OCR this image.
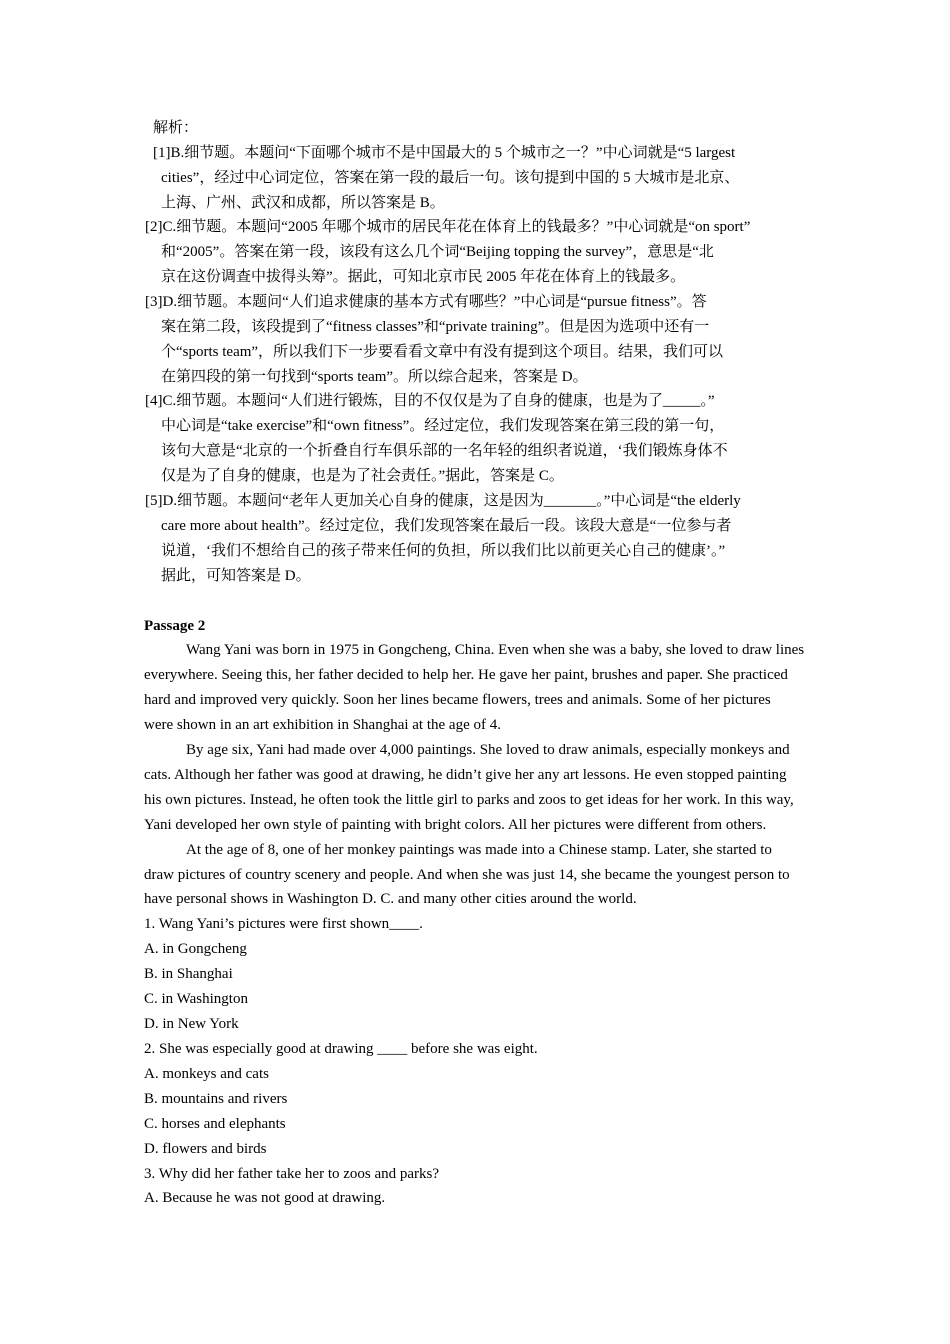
解析：
[1]B.细节题。本题问“下面哪个城市不是中国最大的 5 个城市之一？”中心词就是“5 largest
cities”，经过中心词定位，答案在第一段的最后一句。该句提到中国的 5 大城市是北京、
上海、广州、武汉和成都，所以答案是 B。
[2]C.细节题。本题问“2005 年哪个城市的居民年花在体育上的钱最多？”中心词就是“on sport”
和“2005”。答案在第一段，该段有这么几个词“Beijing topping the survey”，意思是“北
京在这份调查中拔得头筹”。据此，可知北京市民 2005 年花在体育上的钱最多。
[3]D.细节题。本题问“人们追求健康的基本方式有哪些？”中心词是“pursue fitness”。答
案在第二段，该段提到了“fitness classes”和“private training”。但是因为选项中还有一
个“sports team”，所以我们下一步要看看文章中有没有提到这个项目。结果，我们可以
在第四段的第一句找到“sports team”。所以综合起来，答案是 D。
[4]C.细节题。本题问“人们进行锻炼，目的不仅仅是为了自身的健康，也是为了_____。”
中心词是“take exercise”和“own fitness”。经过定位，我们发现答案在第三段的第一句，
该句大意是“北京的一个折叠自行车俱乐部的一名年轻的组织者说道，‘我们锻炼身体不
仅是为了自身的健康，也是为了社会责任。”据此，答案是 C。
[5]D.细节题。本题问“老年人更加关心自身的健康，这是因为_______。”中心词是“the elderly
care more about health”。经过定位，我们发现答案在最后一段。该段大意是“一位参与者
说道，‘我们不想给自己的孩子带来任何的负担，所以我们比以前更关心自己的健康’。”
据此，可知答案是 D。
Passage 2
Wang Yani was born in 1975 in Gongcheng, China. Even when she was a baby, she loved to draw lines
everywhere. Seeing this, her father decided to help her. He gave her paint, brushes and paper. She practiced
hard and improved very quickly. Soon her lines became flowers, trees and animals. Some of her pictures
were shown in an art exhibition in Shanghai at the age of 4.
By age six, Yani had made over 4,000 paintings. She loved to draw animals, especially monkeys and
cats. Although her father was good at drawing, he didn’t give her any art lessons. He even stopped painting
his own pictures. Instead, he often took the little girl to parks and zoos to get ideas for her work. In this way,
Yani developed her own style of painting with bright colors. All her pictures were different from others.
At the age of 8, one of her monkey paintings was made into a Chinese stamp. Later, she started to
draw pictures of country scenery and people. And when she was just 14, she became the youngest person to
have personal shows in Washington D. C. and many other cities around the world.
1. Wang Yani’s pictures were first shown____.
A. in Gongcheng
B. in Shanghai
C. in Washington
D. in New York
2. She was especially good at drawing ____ before she was eight.
A. monkeys and cats
B. mountains and rivers
C. horses and elephants
D. flowers and birds
3. Why did her father take her to zoos and parks?
A. Because he was not good at drawing.
